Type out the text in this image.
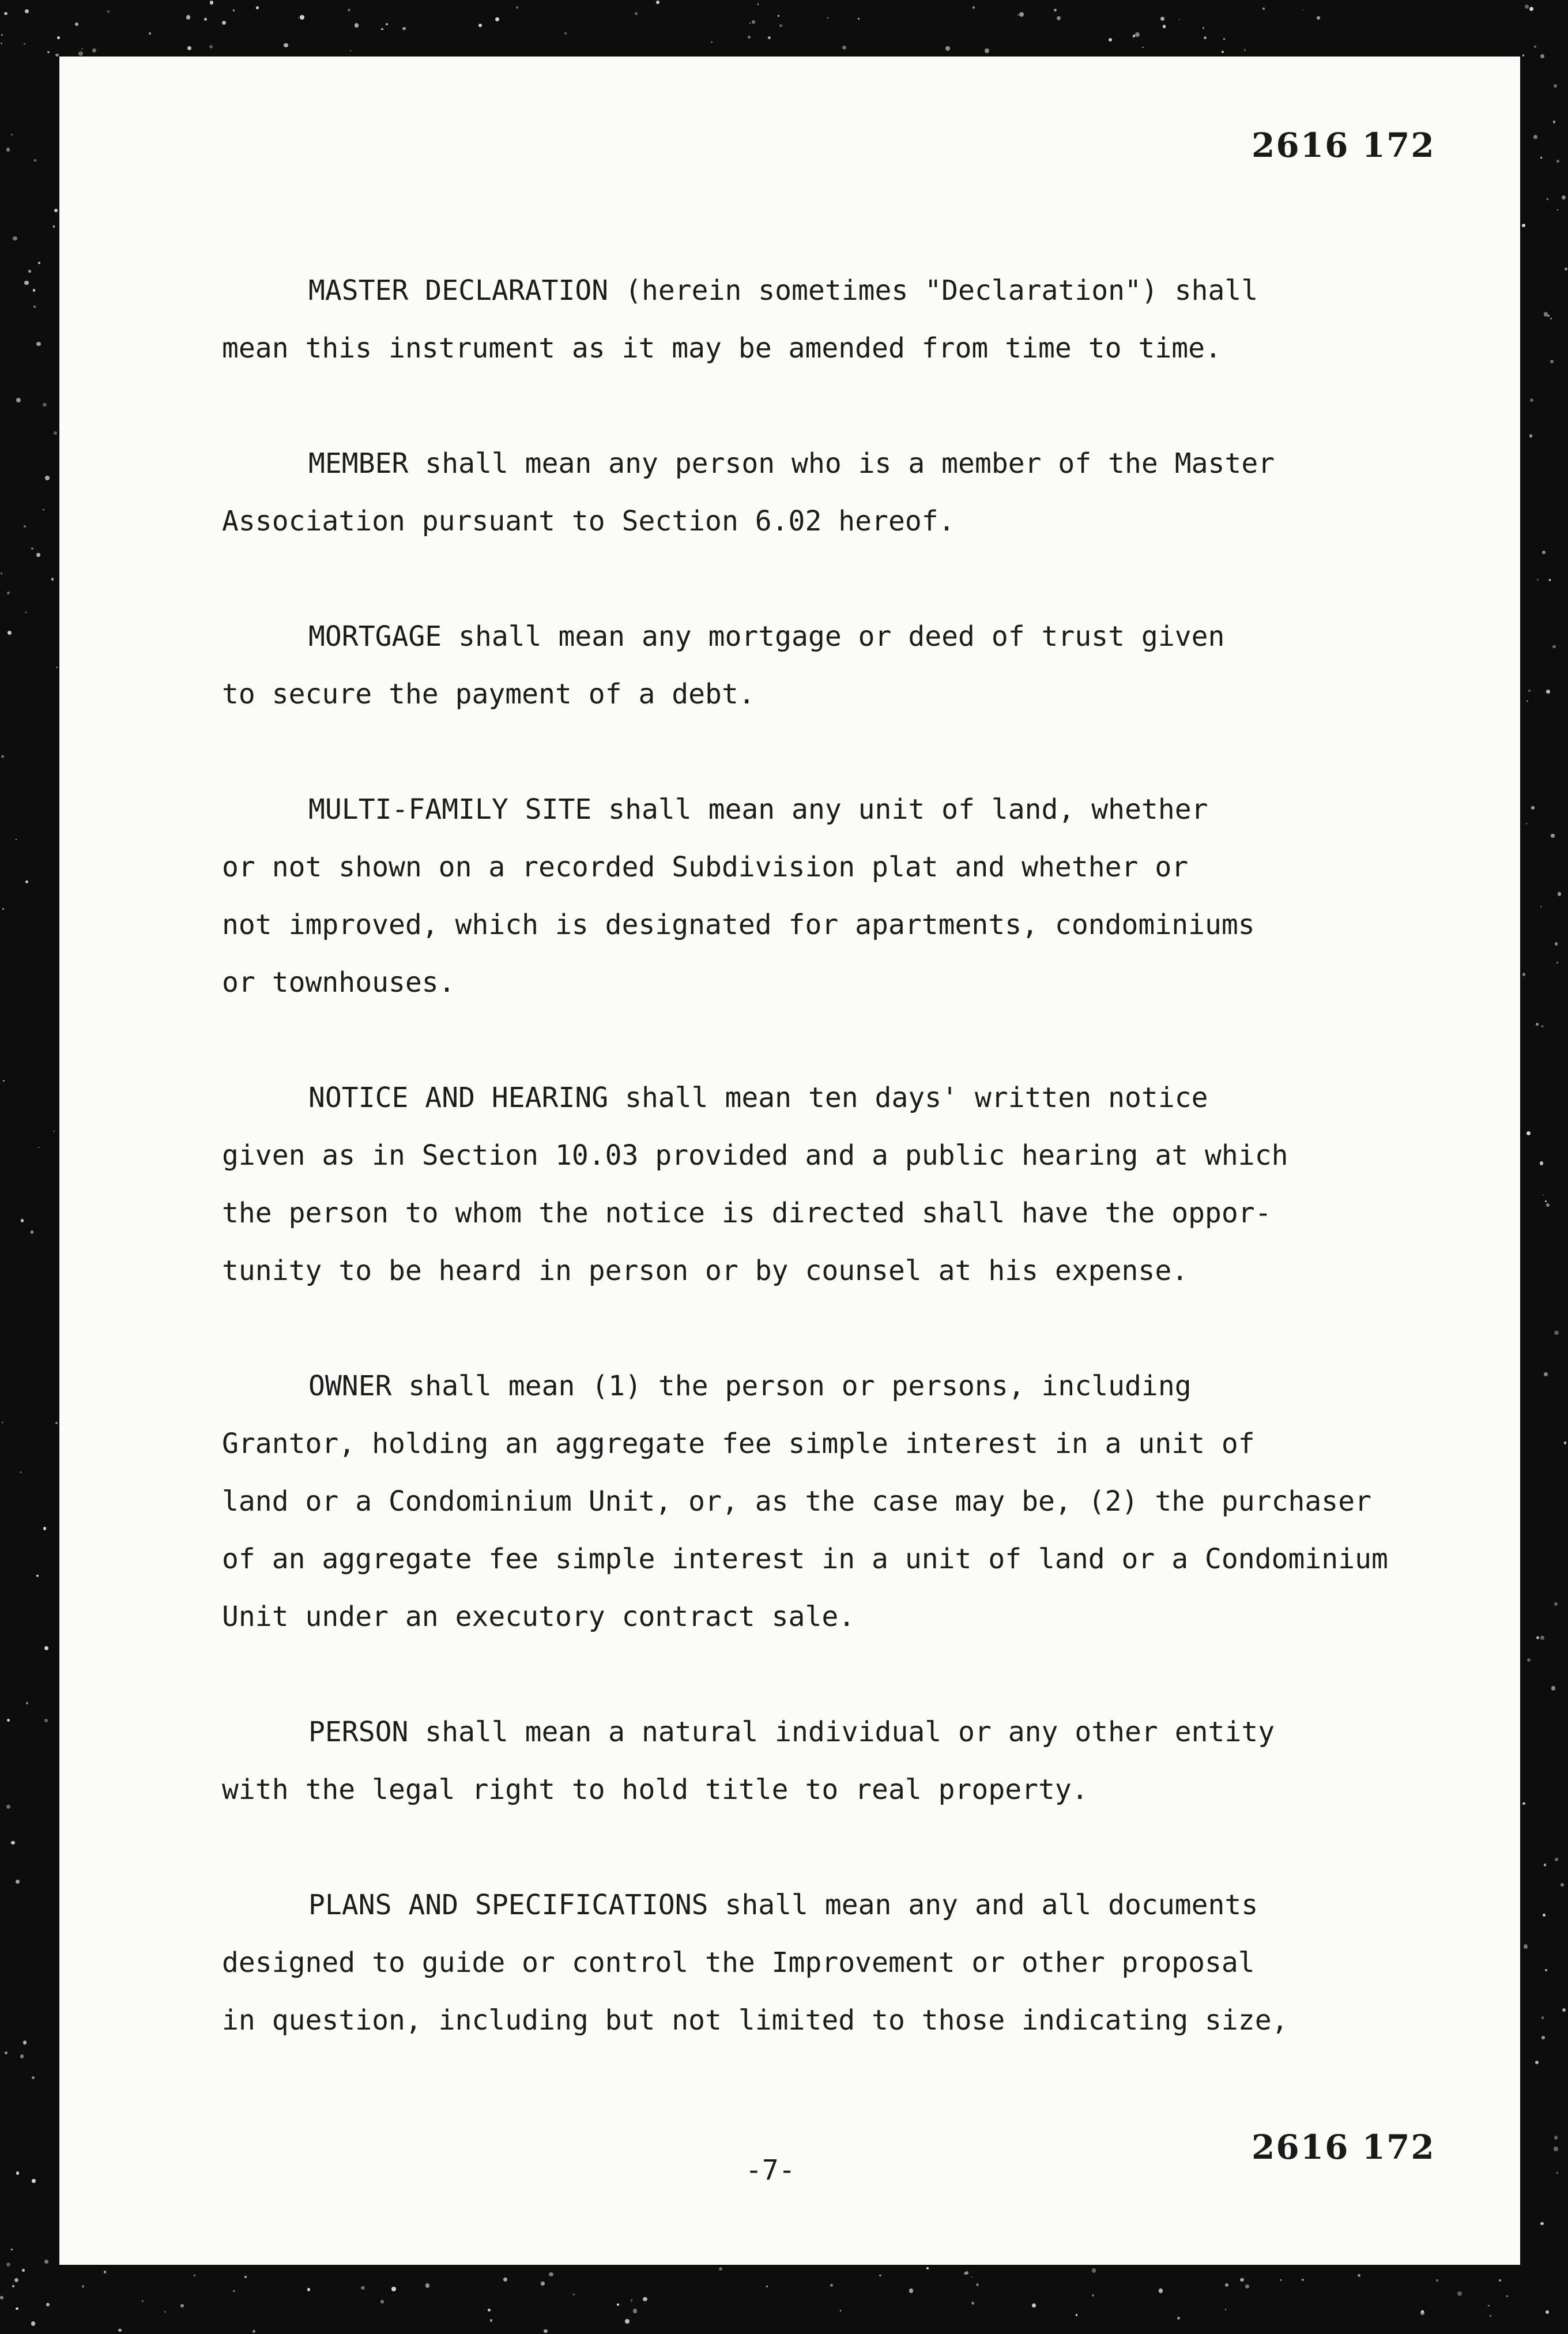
2616 172
MASTER DECLARATION (herein sometimes "Declaration") shall
mean this instrument as it may be amended from time to time.
MEMBER shall mean any person who is a member of the Master
Association pursuant to Section 6.02 hereof.
MORTGAGE shall mean any mortgage or deed of trust given
to secure the payment of a debt.
MULTI-FAMILY SITE shall mean any unit of land, whether
or not shown on a recorded Subdivision plat and whether or
not improved, which is designated for apartments, condominiums
or townhouses.
NOTICE AND HEARING shall mean ten days' written notice
given as in Section 10.03 provided and a public hearing at which
the person to whom the notice is directed shall have the oppor-
tunity to be heard in person or by counsel at his expense.
OWNER shall mean (1) the person or persons, including
Grantor, holding an aggregate fee simple interest in a unit of
land or a Condominium Unit, or, as the case may be, (2) the purchaser
of an aggregate fee simple interest in a unit of land or a Condominium
Unit under an executory contract sale.
PERSON shall mean a natural individual or any other entity
with the legal right to hold title to real property.
PLANS AND SPECIFICATIONS shall mean any and all documents
designed to guide or control the Improvement or other proposal
in question, including but not limited to those indicating size,
-7-
2616 172
